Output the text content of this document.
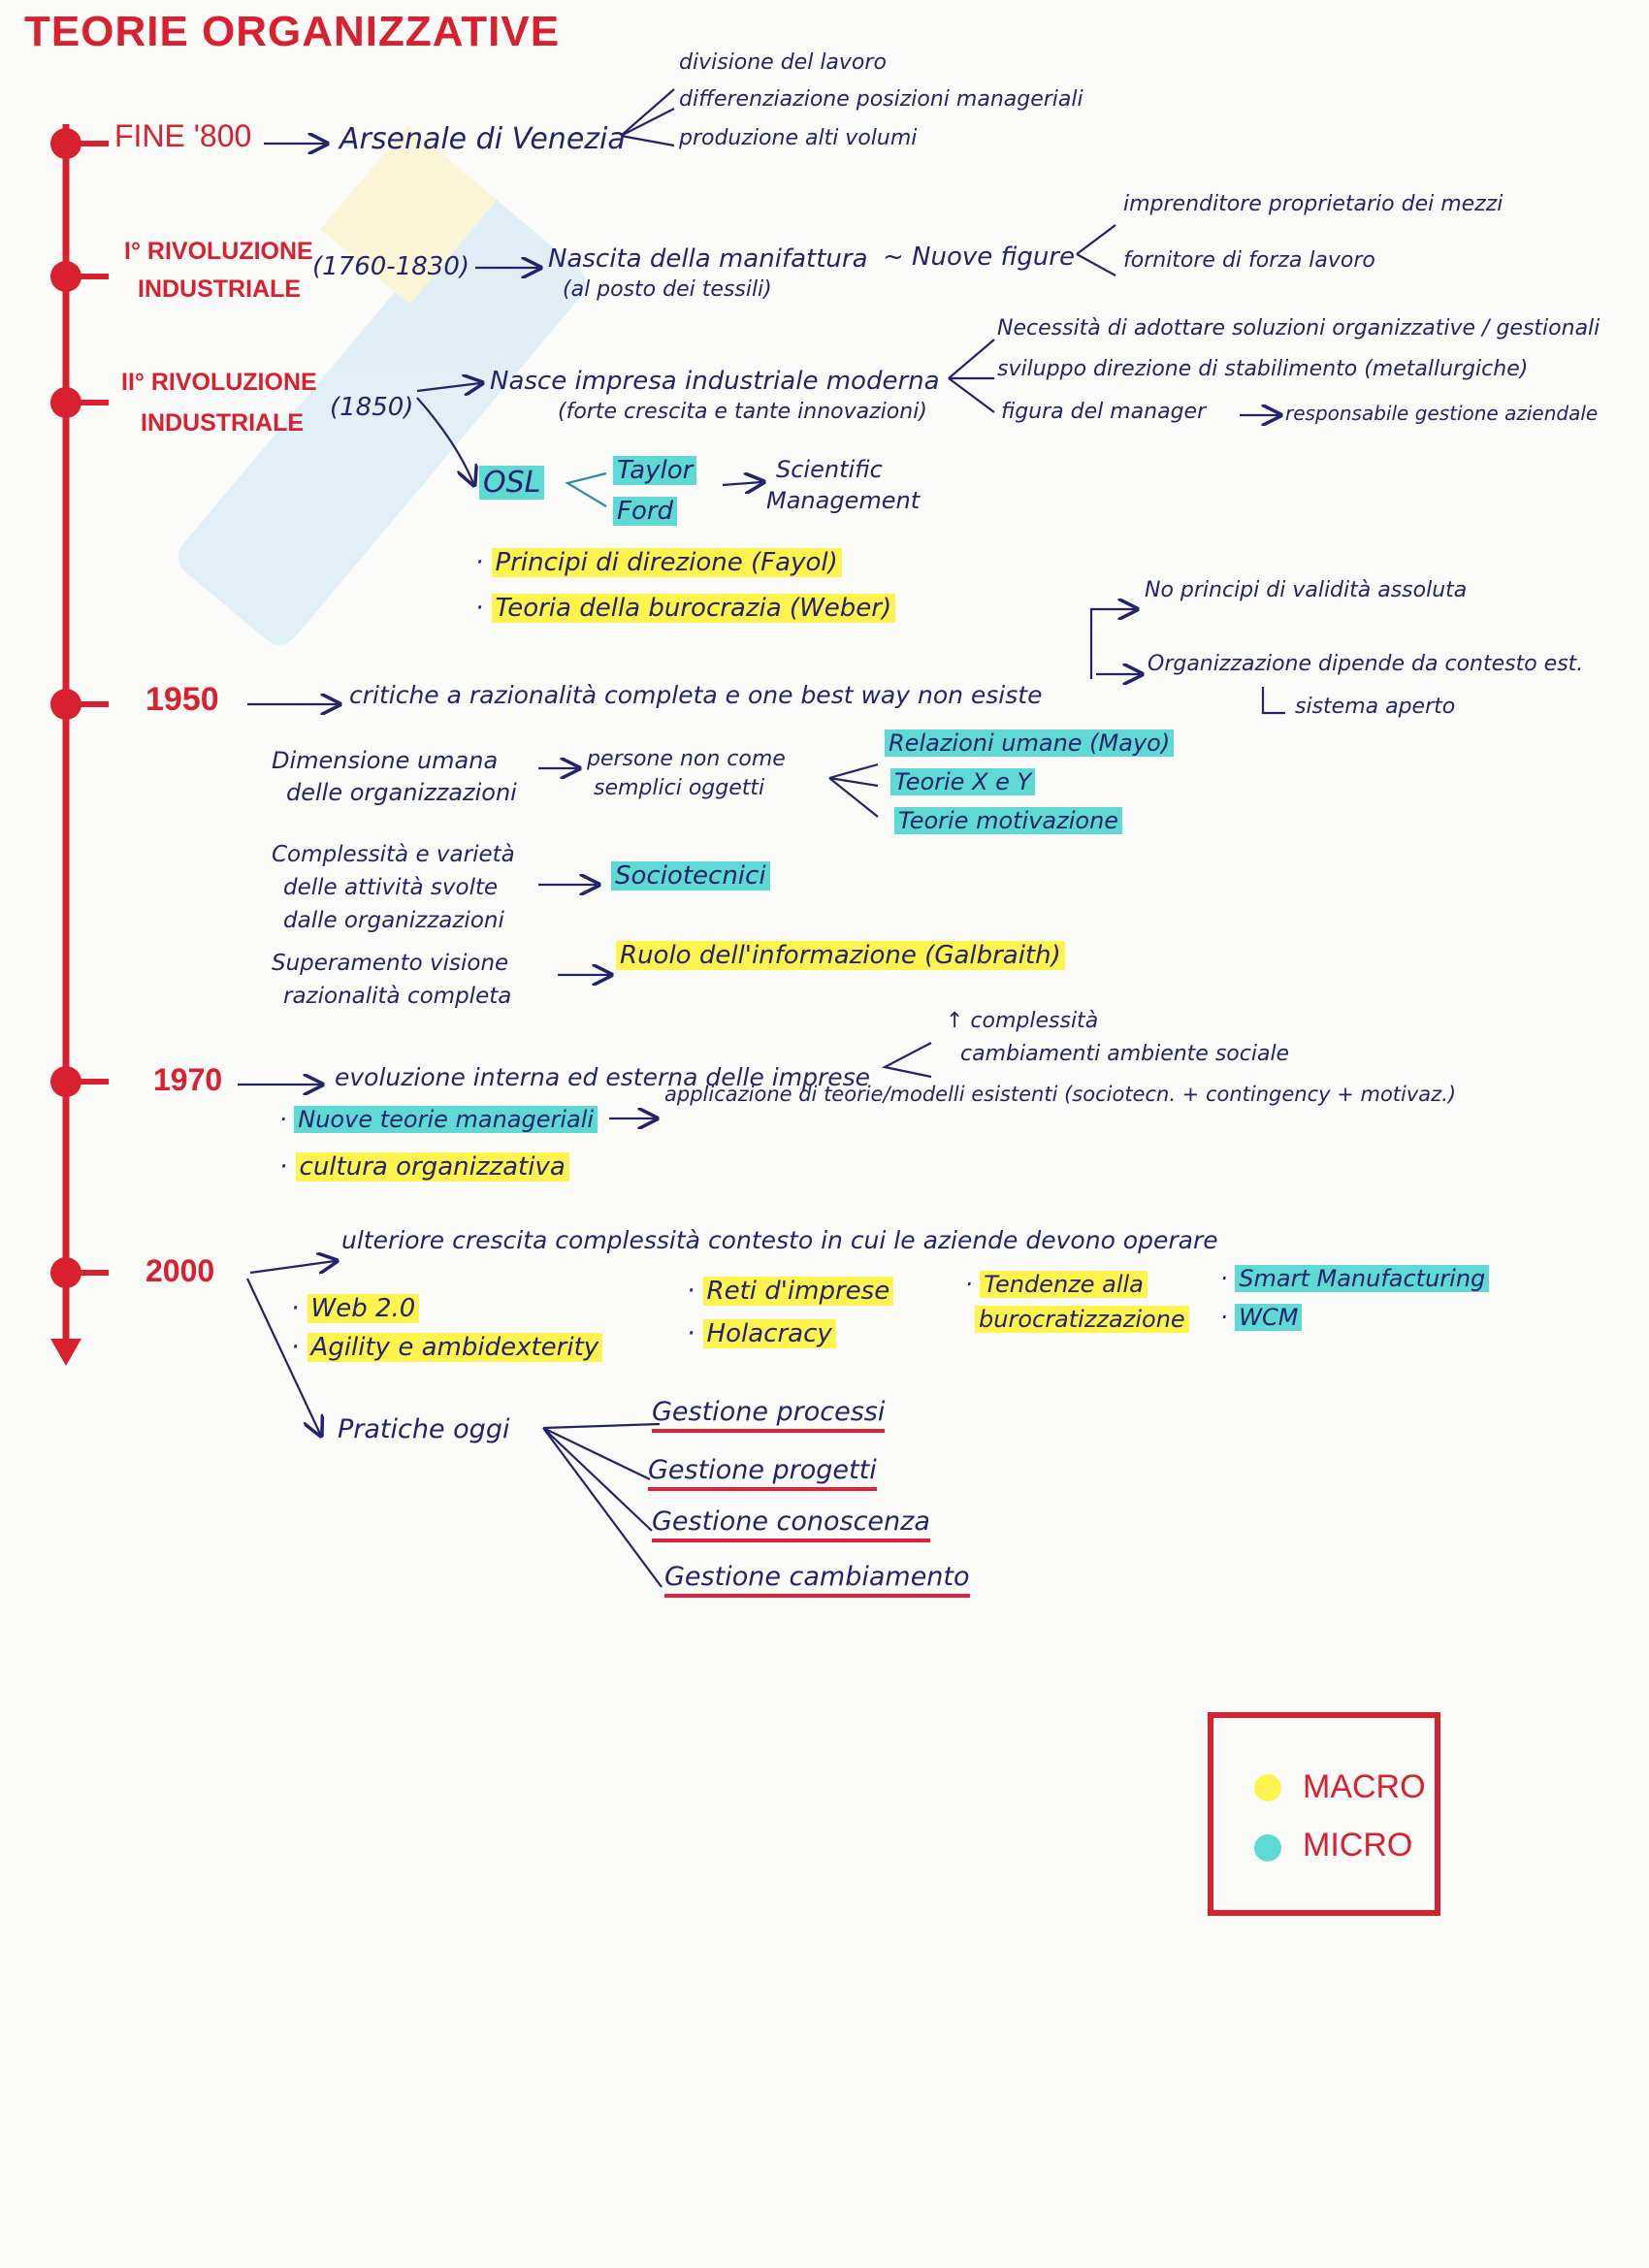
TEORIE ORGANIZZATIVE
FINE '800	Arsenale di Venezia
divisione del lavoro
differenziazione posizioni manageriali
produzione alti volumi
I° RIVOLUZIONE
INDUSTRIALE
(1760-1830)	Nascita della manifattura
(al posto dei tessili)
~ Nuove figure
imprenditore proprietario dei mezzi
fornitore di forza lavoro
II° RIVOLUZIONE
INDUSTRIALE
(1850)
Nasce impresa industriale moderna
(forte crescita e tante innovazioni)
Necessità di adottare soluzioni organizzative / gestionali
sviluppo direzione di stabilimento (metallurgiche)
figura del manager	responsabile gestione aziendale
OSL	Taylor
Ford
Scientific
Management
· Principi di direzione (Fayol)
· Teoria della burocrazia (Weber)
1950	critiche a razionalità completa e one best way non esiste
No principi di validità assoluta
Organizzazione dipende da contesto est.
sistema aperto
Dimensione umana
delle organizzazioni
persone non come
semplici oggetti
Relazioni umane (Mayo)
Teorie X e Y
Teorie motivazione
Complessità e varietà
delle attività svolte
dalle organizzazioni
Sociotecnici
Superamento visione
razionalità completa
Ruolo dell'informazione (Galbraith)
1970	evoluzione interna ed esterna delle imprese
↑ complessità
cambiamenti ambiente sociale
· Nuove teorie manageriali
applicazione di teorie/modelli esistenti (sociotecn. + contingency + motivaz.)
· cultura organizzativa
2000
ulteriore crescita complessità contesto in cui le aziende devono operare
· Web 2.0
· Agility e ambidexterity
· Reti d'imprese
· Holacracy
· Tendenze alla
burocratizzazione
· Smart Manufacturing
· WCM
Pratiche oggi
Gestione processi
Gestione progetti
Gestione conoscenza
Gestione cambiamento
MACRO
MICRO
